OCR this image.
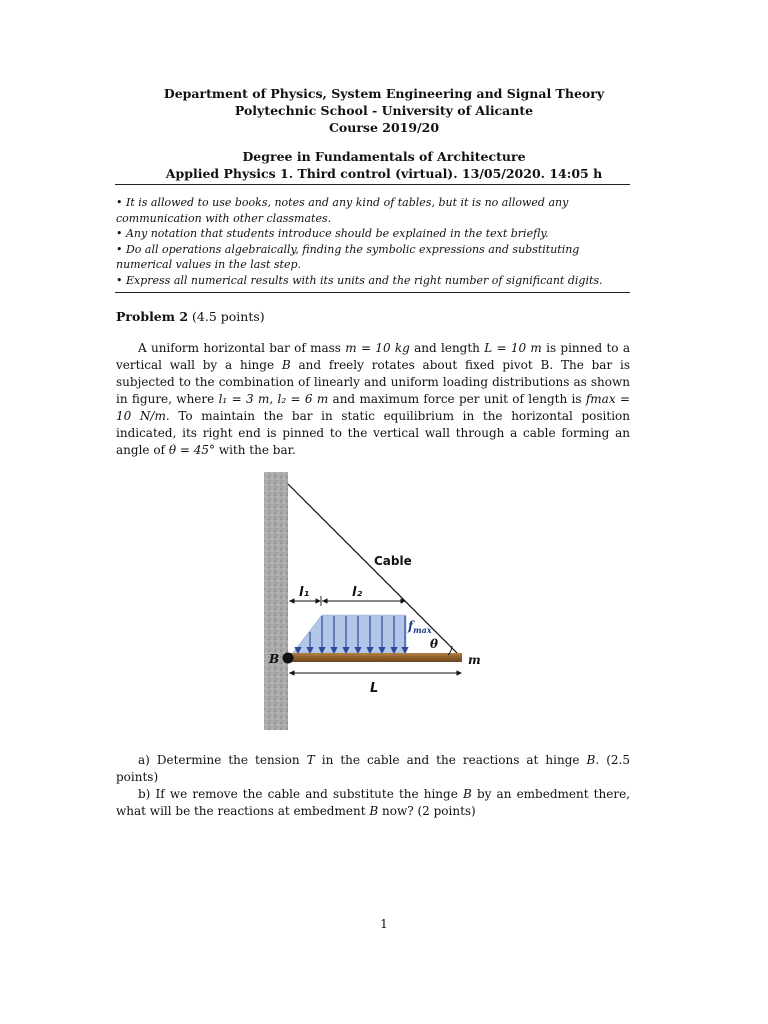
Department of Physics, System Engineering and Signal Theory
Polytechnic School - University of Alicante
Course 2019/20
Degree in Fundamentals of Architecture
Applied Physics 1. Third control (virtual). 13/05/2020. 14:05 h

• It is allowed to use books, notes and any kind of tables, but it is no allowed any communication with other classmates.

• Any notation that students introduce should be explained in the text briefly.

• Do all operations algebraically, finding the symbolic expressions and substituting numerical values in the last step.

• Express all numerical results with its units and the right number of significant digits.

Problem 2 (4.5 points)
A uniform horizontal bar of mass m = 10 kg and length L = 10 m is pinned to a vertical wall by a hinge B and freely rotates about fixed pivot B. The bar is subjected to the combination of linearly and uniform loading distributions as shown in figure, where l₁ = 3 m, l₂ = 6 m and maximum force per unit of length is fmax = 10 N/m. To maintain the bar in static equilibrium in the horizontal position indicated, its right end is pinned to the vertical wall through a cable forming an angle of θ = 45° with the bar.
l₁	l₂
Cable
$f_{max}$
θ
B	m
L
a) Determine the tension T in the cable and the reactions at hinge B. (2.5 points)
b) If we remove the cable and substitute the hinge B by an embedment there, what will be the reactions at embedment B now? (2 points)
1
